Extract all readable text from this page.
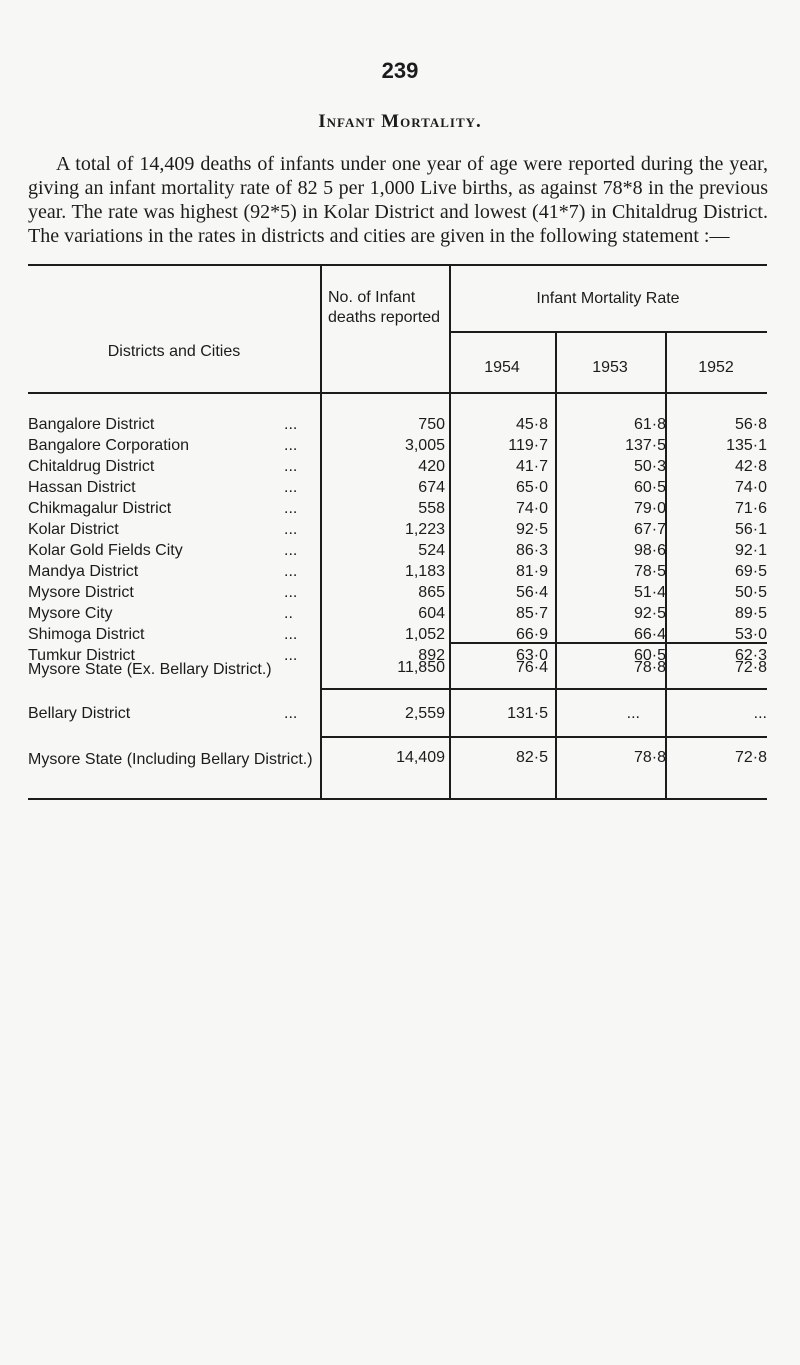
239
Infant Mortality.

A total of 14,409 deaths of infants under one year of age were reported during the year, giving an infant mortality rate of 82 5 per 1,000 Live births, as against 78*8 in the previous year. The rate was highest (92*5) in Kolar District and lowest (41*7) in Chitaldrug District. The variations in the rates in districts and cities are given in the following statement :—

Districts and Cities
No. of Infant deaths reported
Infant Mortality Rate
1954	1953	1952
Bangalore District	...	750	45·8	61·8	56·8
Bangalore Corporation	...	3,005	119·7	137·5	135·1
Chitaldrug District	...	420	41·7	50·3	42·8
Hassan District	...	674	65·0	60·5	74·0
Chikmagalur District	...	558	74·0	79·0	71·6
Kolar District	...	1,223	92·5	67·7	56·1
Kolar Gold Fields City	...	524	86·3	98·6	92·1
Mandya District	...	1,183	81·9	78·5	69·5
Mysore District	...	865	56·4	51·4	50·5
Mysore City	..	604	85·7	92·5	89·5
Shimoga District	...	1,052	66·9	66·4	53·0
Tumkur District	...	892	63·0	60·5	62·3
Mysore State (Ex. Bellary District.)	11,850	76·4	78·8	72·8
Bellary District	...	2,559	131·5	...	...
Mysore State (Including Bellary District.)	14,409	82·5	78·8	72·8
